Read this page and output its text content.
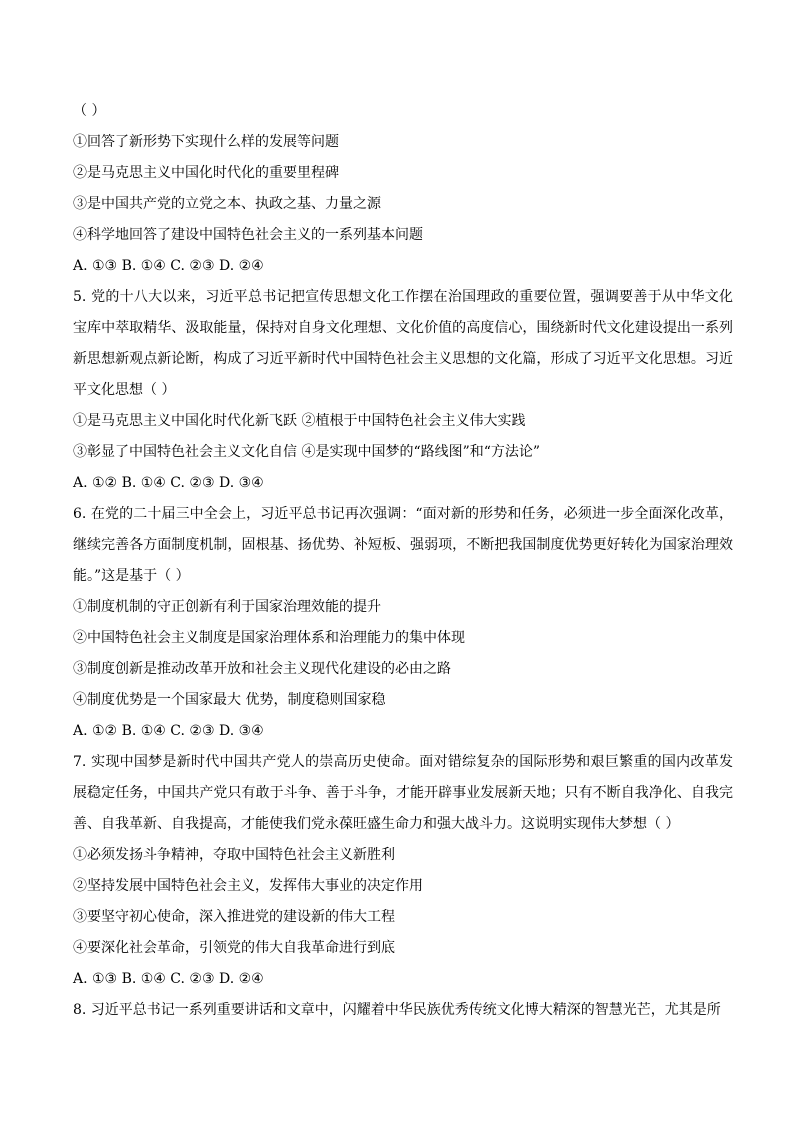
（ ）

①回答了新形势下实现什么样的发展等问题

②是马克思主义中国化时代化的重要里程碑

③是中国共产党的立党之本、执政之基、力量之源

④科学地回答了建设中国特色社会主义的一系列基本问题

A. ①③ B. ①④ C. ②③ D. ②④

5. 党的十八大以来，习近平总书记把宣传思想文化工作摆在治国理政的重要位置，强调要善于从中华文化宝库中萃取精华、汲取能量，保持对自身文化理想、文化价值的高度信心，围绕新时代文化建设提出一系列新思想新观点新论断，构成了习近平新时代中国特色社会主义思想的文化篇，形成了习近平文化思想。习近平文化思想（ ）

①是马克思主义中国化时代化新飞跃 ②植根于中国特色社会主义伟大实践

③彰显了中国特色社会主义文化自信 ④是实现中国梦的“路线图”和“方法论”

A. ①② B. ①④ C. ②③ D. ③④

6. 在党的二十届三中全会上，习近平总书记再次强调：“面对新的形势和任务，必须进一步全面深化改革，继续完善各方面制度机制，固根基、扬优势、补短板、强弱项，不断把我国制度优势更好转化为国家治理效能。”这是基于（ ）

①制度机制的守正创新有利于国家治理效能的提升

②中国特色社会主义制度是国家治理体系和治理能力的集中体现

③制度创新是推动改革开放和社会主义现代化建设的必由之路

④制度优势是一个国家最大 优势，制度稳则国家稳

A. ①② B. ①④ C. ②③ D. ③④

7. 实现中国梦是新时代中国共产党人的崇高历史使命。面对错综复杂的国际形势和艰巨繁重的国内改革发展稳定任务，中国共产党只有敢于斗争、善于斗争，才能开辟事业发展新天地；只有不断自我净化、自我完善、自我革新、自我提高，才能使我们党永葆旺盛生命力和强大战斗力。这说明实现伟大梦想（ ）

①必须发扬斗争精神，夺取中国特色社会主义新胜利

②坚持发展中国特色社会主义，发挥伟大事业的决定作用

③要坚守初心使命，深入推进党的建设新的伟大工程

④要深化社会革命，引领党的伟大自我革命进行到底

A. ①③ B. ①④ C. ②③ D. ②④

8. 习近平总书记一系列重要讲话和文章中，闪耀着中华民族优秀传统文化博大精深的智慧光芒，尤其是所
